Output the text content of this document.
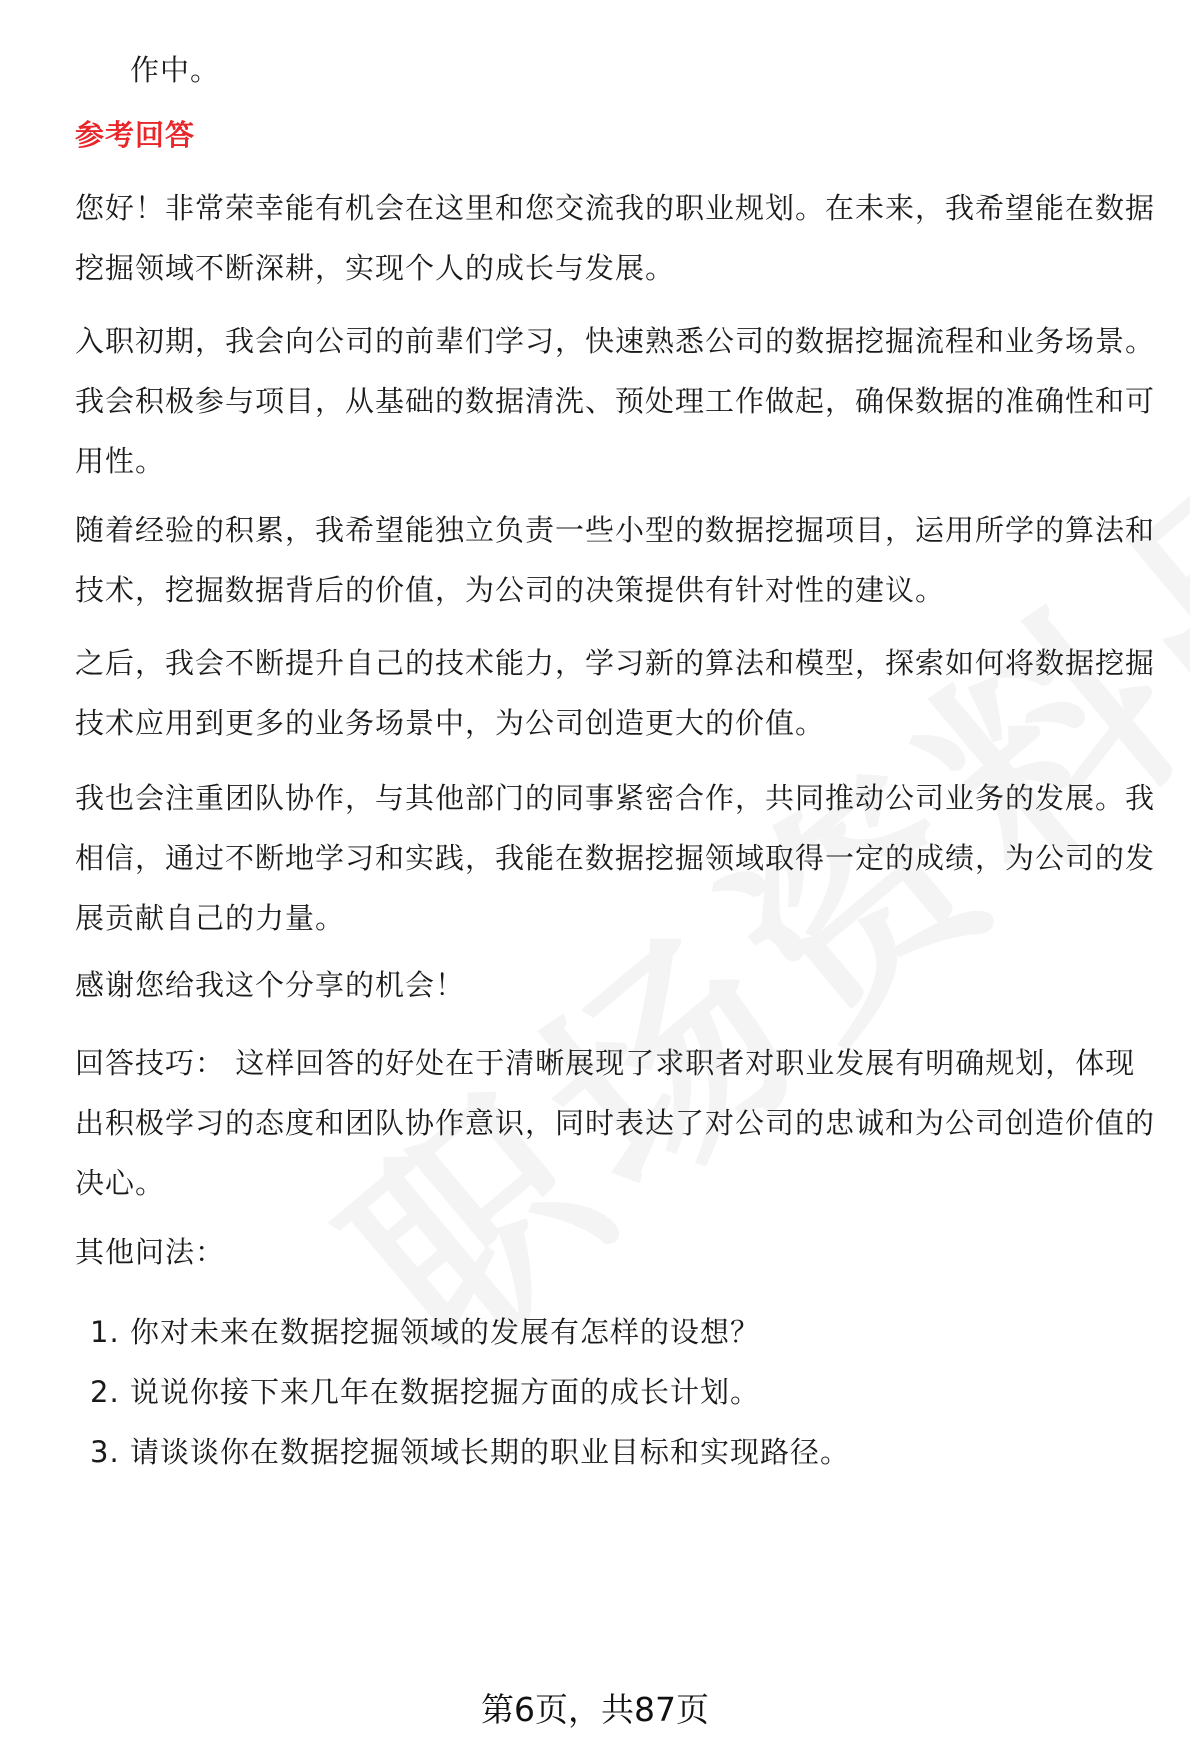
作中。

参考回答

您好！非常荣幸能有机会在这里和您交流我的职业规划。在未来，我希望能在数据挖掘领域不断深耕，实现个人的成长与发展。

入职初期，我会向公司的前辈们学习，快速熟悉公司的数据挖掘流程和业务场景。我会积极参与项目，从基础的数据清洗、预处理工作做起，确保数据的准确性和可用性。

随着经验的积累，我希望能独立负责一些小型的数据挖掘项目，运用所学的算法和技术，挖掘数据背后的价值，为公司的决策提供有针对性的建议。

之后，我会不断提升自己的技术能力，学习新的算法和模型，探索如何将数据挖掘技术应用到更多的业务场景中，为公司创造更大的价值。

我也会注重团队协作，与其他部门的同事紧密合作，共同推动公司业务的发展。我相信，通过不断地学习和实践，我能在数据挖掘领域取得一定的成绩，为公司的发展贡献自己的力量。

感谢您给我这个分享的机会！

回答技巧： 这样回答的好处在于清晰展现了求职者对职业发展有明确规划，体现出积极学习的态度和团队协作意识，同时表达了对公司的忠诚和为公司创造价值的决心。

其他问法：

1. 你对未来在数据挖掘领域的发展有怎样的设想？
2. 说说你接下来几年在数据挖掘方面的成长计划。
3. 请谈谈你在数据挖掘领域长期的职业目标和实现路径。
第6页，共87页
